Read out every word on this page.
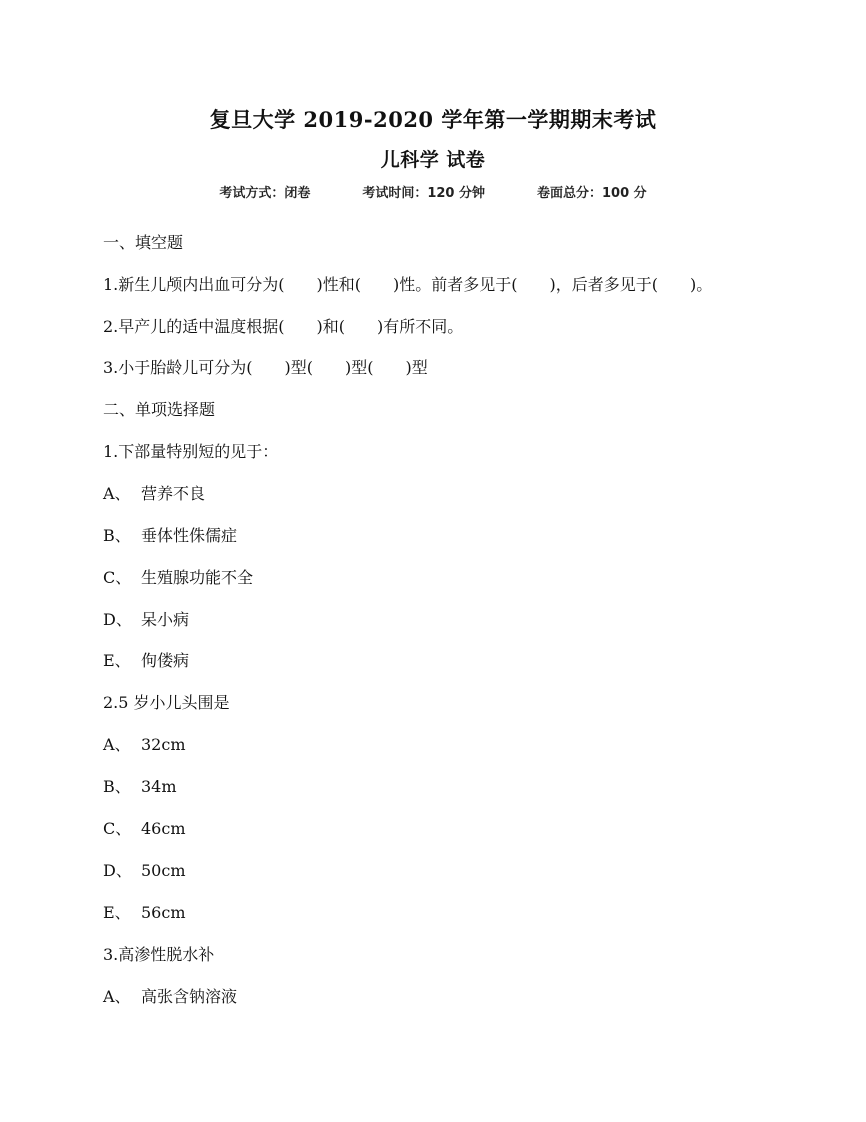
复旦大学 2019-2020 学年第一学期期末考试
儿科学 试卷
考试方式：闭卷	考试时间：120 分钟	卷面总分：100 分
一、填空题
1.新生儿颅内出血可分为(　　)性和(　　)性。前者多见于(　　)，后者多见于(　　)。
2.早产儿的适中温度根据(　　)和(　　)有所不同。
3.小于胎龄儿可分为(　　)型(　　)型(　　)型
二、单项选择题
1.下部量特别短的见于：
A、 营养不良
B、 垂体性侏儒症
C、 生殖腺功能不全
D、 呆小病
E、 佝偻病
2.5 岁小儿头围是
A、 32cm
B、 34m
C、 46cm
D、 50cm
E、 56cm
3.高渗性脱水补
A、 高张含钠溶液
